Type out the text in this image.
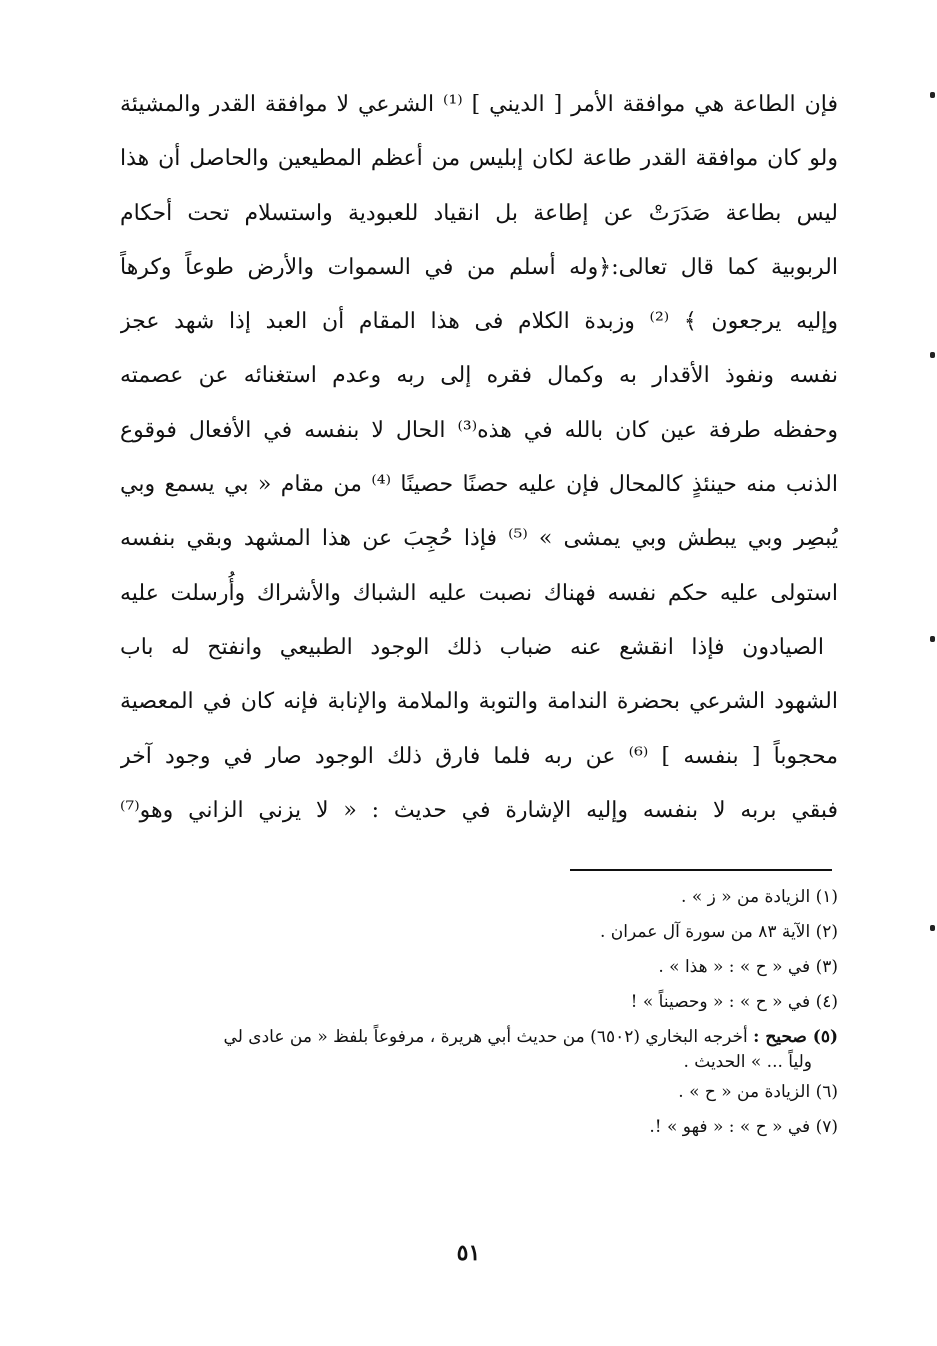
فإن الطاعة هي موافقة الأمر [ الديني ] ⁽¹⁾ الشرعي لا موافقة القدر والمشيئة
ولو كان موافقة القدر طاعة لكان إبليس من أعظم المطيعين والحاصل أن هذا
ليس بطاعة صَدَرَتْ عن إطاعة بل انقياد للعبودية واستسلام تحت أحكام
الربوبية كما قال تعالى:﴿وله أسلم من في السموات والأرض طوعاً وكرهاً
وإليه يرجعون ﴾ ⁽²⁾ وزبدة الكلام فى هذا المقام أن العبد إذا شهد عجز
نفسه ونفوذ الأقدار به وكمال فقره إلى ربه وعدم استغنائه عن عصمته
وحفظه طرفة عين كان بالله في هذه⁽³⁾ الحال لا بنفسه في الأفعال فوقوع
الذنب منه حينئذٍ كالمحال فإن عليه حصنًا حصينًا ⁽⁴⁾ من مقام « بي يسمع وبي
يُبصِر وبي يبطش وبي يمشى » ⁽⁵⁾ فإذا حُجِبَ عن هذا المشهد وبقي بنفسه
استولى عليه حكم نفسه فهناك نصبت عليه الشباك والأشراك وأُرسلت عليه
الصيادون فإذا انقشع عنه ضباب ذلك الوجود الطبيعي وانفتح له باب
الشهود الشرعي بحضرة الندامة والتوبة والملامة والإنابة فإنه كان في المعصية
محجوباً [ بنفسه ] ⁽⁶⁾ عن ربه فلما فارق ذلك الوجود صار في وجود آخر
فبقي بربه لا بنفسه وإليه الإشارة في حديث : « لا يزني الزاني وهو⁽⁷⁾
(١) الزيادة من « ز » .
(٢) الآية ٨٣ من سورة آل عمران .
(٣) في « ح » : « هذا » .
(٤) في « ح » : « وحصيناً » !
(٥) صحيح : أخرجه البخاري (٦٥٠٢) من حديث أبي هريرة ، مرفوعاً بلفظ « من عادى لي
ولياً ... » الحديث .
(٦) الزيادة من « ح » .
(٧) في « ح » : « فهو » !.
٥١
